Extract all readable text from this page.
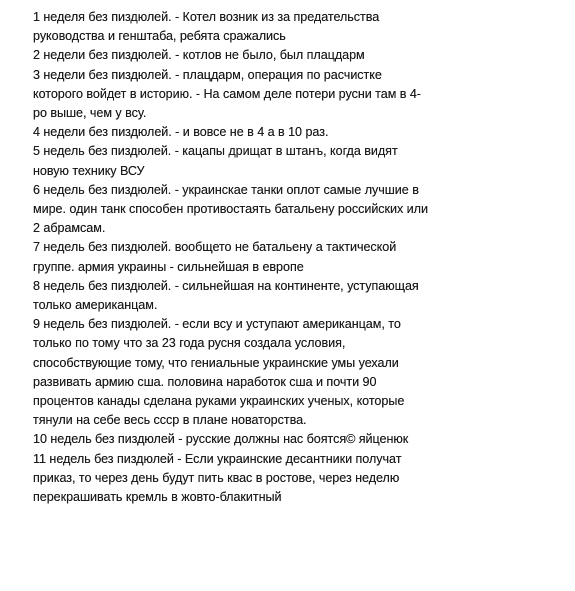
1 неделя без пиздюлей. - Котел возник из за предательства

руководства и генштаба, ребята сражались

2 недели без пиздюлей. - котлов не было, был плацдарм

3 недели без пиздюлей. - плацдарм, операция по расчистке

которого войдет в историю. - На самом деле потери русни там в 4-

ро выше, чем у всу.

4 недели без пиздюлей. - и вовсе не в 4 а в 10 раз.

5 недель без пиздюлей. - кацапы дрищат в штанъ, когда видят

новую технику ВСУ

6 недель без пиздюлей. - украинскае танки оплот самые лучшие в

мире. один танк способен противостаять батальену российских или

2 абрамсам.

7 недель без пиздюлей. вообщето не батальену а тактической

группе. армия украины - сильнейшая в европе

8 недель без пиздюлей. - сильнейшая на континенте, уступающая

только американцам.

9 недель без пиздюлей. - если всу и уступают американцам, то

только по тому что за 23 года русня создала условия,

способствующие тому, что гениальные украинские умы уехали

развивать армию сша. половина наработок сша и почти 90

процентов канады сделана руками украинских ученых, которые

тянули на себе весь ссср в плане новаторства.

10 недель без пиздюлей - русские должны нас боятся© яйценюк

11 недель без пиздюлей - Если украинские десантники получат

приказ, то через день будут пить квас в ростове, через неделю

перекрашивать кремль в жовто-блакитный
